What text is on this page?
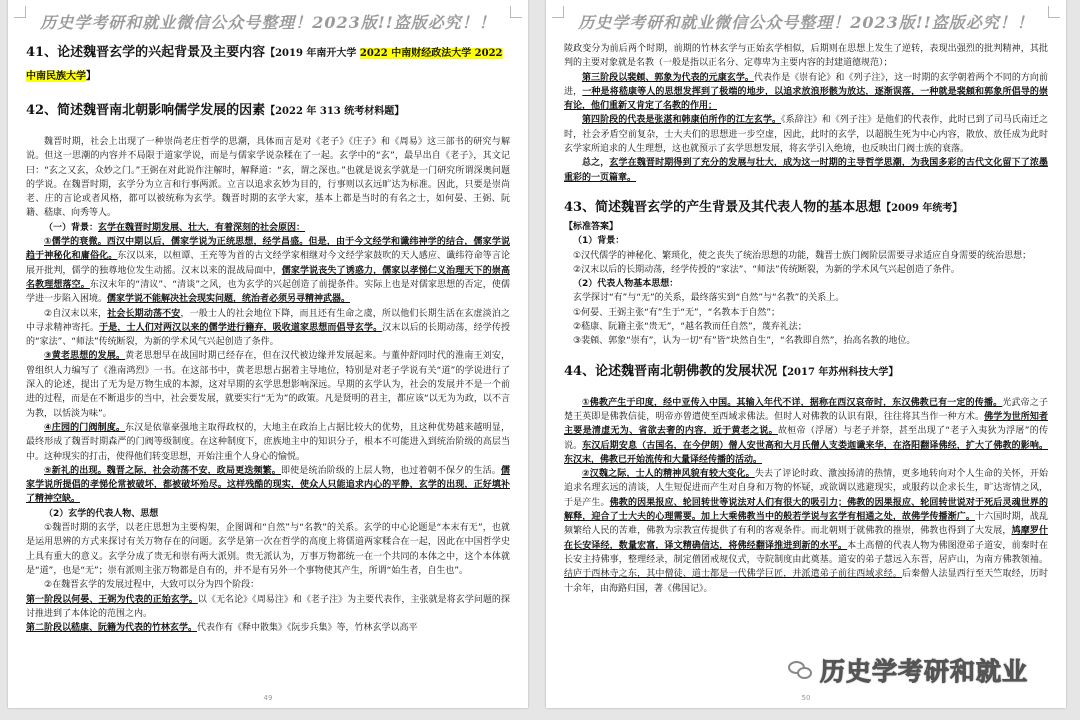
历史学考研和就业微信公众号整理！2023版!!盗版必究！！
41、论述魏晋玄学的兴起背景及主要内容【2019 年南开大学 2022 中南财经政法大学 2022
中南民族大学】
42、简述魏晋南北朝影响儒学发展的因素【2022 年 313 统考材料题】

魏晋时期，社会上出现了一种崇尚老庄哲学的思潮，具体而言是对《老子》《庄子》和《周易》这三部书的研究与解说。但这一思潮的内容并不局限于道家学说，而是与儒家学说杂糅在了一起。玄学中的“玄”，最早出自《老子》，其文记曰：“玄之又玄，众妙之门。”王弼在对此说作注解时，解释道：“玄，谓之深也。”也就是说玄学就是一门研究所谓深奥问题的学说。在魏晋时期，玄学分为立言和行事两派。立言以追求玄妙为目的，行事则以玄远旷达为标准。因此，只要是崇尚老、庄的言论或者风格，都可以被统称为玄学。魏晋时期的玄学大家，基本上都是当时的有名之士，如何晏、王弼、阮籍、嵇康、向秀等人。

（一）背景：玄学在魏晋时期发展、壮大，有着深刻的社会原因：

①儒学的衰微。西汉中期以后，儒家学说为正统思想，经学昌盛。但是，由于今文经学和谶纬神学的结合，儒家学说趋于神秘化和庸俗化。东汉以来，以桓谭、王充等为首的古文经学家相继对今文经学家鼓吹的天人感应、谶纬符命等言论展开批判，儒学的独尊地位发生动摇。汉末以来的混战局面中，儒家学说丧失了诱惑力，儒家以孝悌仁义治理天下的崇高名教理想落空。东汉末年的“清议”、“清谈”之风，也为玄学的兴起创造了前提条件。实际上也是对儒家思想的否定，使儒学进一步陷入困境。儒家学说不能解决社会现实问题，统治者必须另寻精神武器。

②自汉末以来，社会长期动荡不安，一般士人的社会地位下降，而且还有生命之虞，所以他们长期生活在玄虚淡泊之中寻求精神寄托。于是，士人们对两汉以来的儒学进行籍弃，吸收道家思想而倡导玄学。汉末以后的长期动荡，经学传授的“家法”、“师法”传统断裂，为新的学术风气兴起创造了条件。

③黄老思想的发展。黄老思想早在战国时期已经存在，但在汉代被边缘并发展起来。与董仲舒同时代的淮南王刘安，曾组织人力编写了《淮南鸿烈》一书。在这部书中，黄老思想占据着主导地位，特别是对老子学说有关“道”的学说进行了深入的论述，提出了无为是万物生成的本源，这对早期的玄学思想影响深远。早期的玄学认为，社会的发展并不是一个前进的过程，而是在不断退步的当中，社会要发展，就要实行“无为”的政策。凡是贤明的君主，都应该“以无为为政，以不言为教，以恬淡为味”。

④庄园的门阀制度。东汉是依靠豪强地主取得政权的，大地主在政治上占据比较大的优势，且这种优势越来越明显，最终形成了魏晋时期森严的门阀等级制度。在这种制度下，庶族地主中的知识分子，根本不可能进入到统治阶级的高层当中。这种现实的打击，使得他们转变思想，开始注重个人身心的愉悦。

⑤新礼的出现。魏晋之际，社会动荡不安，政局更迭频繁。即使是统治阶级的上层人物，也过着朝不保夕的生活。儒家学说所提倡的孝悌伦常被破坏，都被破坏殆尽。这样残酷的现实，使众人只能追求内心的平静，玄学的出现，正好填补了精神空缺。

（2）玄学的代表人物、思想

①魏晋时期的玄学，以老庄思想为主要构架，企图调和“自然”与“名教”的关系。玄学的中心论题是“本末有无”，也就是运用思辨的方式来探讨有关万物存在的问题。玄学是第一次在哲学的高度上将儒道两家糅合在一起，因此在中国哲学史上具有重大的意义。玄学分成了贵无和崇有两大派别。贵无派认为，万事万物都统一在一个共同的本体之中，这个本体就是“道”，也是“无”；崇有派则主张万物都是自有的，并不是有另外一个事物使其产生，所谓“始生者，自生也”。

②在魏晋玄学的发展过程中，大致可以分为四个阶段：

第一阶段以何晏、王弼为代表的正始玄学。以《无名论》《周易注》和《老子注》为主要代表作，主张就是将玄学问题的探讨推进到了本体论的范围之内。

第二阶段以嵇康、阮籍为代表的竹林玄学。代表作有《释中散集》《阮步兵集》等，竹林玄学以高平

49
历史学考研和就业微信公众号整理！2023版!!盗版必究！！

陵政变分为前后两个时期，前期的竹林玄学与正始玄学相似，后期则在思想上发生了逆转，表现出强烈的批判精神，其批判的主要对象就是名教（一般是指以正名分、定尊卑为主要内容的封建道德规范）；

第三阶段以裴頠、郭象为代表的元康玄学。代表作是《崇有论》和《列子注》，这一时期的玄学朝着两个不同的方向前进，一种是将嵇康等人的思想发挥到了极端的地步，以追求放浪形骸为放达，逐渐误落，一种就是裴頠和郭象所倡导的崇有论，他们重新又肯定了名教的作用；

第四阶段的代表是张湛和韩康伯所作的江左玄学。《系辞注》和《列子注》是他们的代表作，此时已到了司马氏南迁之时，社会矛盾空前复杂，士大夫们的思想进一步空虚，因此，此时的玄学，以超脱生死为中心内容，散放、放任成为此时玄学家所追求的人生理想，这也就预示了玄学思想发展，将玄学引入绝境，也反映出门阀士族的衰落。

总之，玄学在魏晋时期得到了充分的发展与壮大，成为这一时期的主导哲学思潮，为我国多彩的古代文化留下了浓墨重彩的一页篇章。

43、简述魏晋玄学的产生背景及其代表人物的基本思想【2009 年统考】

【标准答案】

（1）背景：

①汉代儒学的神秘化、繁琐化，使之丧失了统治思想的功能，魏晋士族门阀阶层需要寻求适应自身需要的统治思想；

②汉末以后的长期动荡，经学传授的“家法”、“师法”传统断裂，为新的学术风气兴起创造了条件。

（2）代表人物基本思想：

玄学探讨“有”与“无”的关系，最终落实到“自然”与“名教”的关系上。

①何晏、王弼主张“有”生于“无”，“名教本于自然”；

②嵇康、阮籍主张“贵无”，“越名教而任自然”，蔑弃礼法；

③裴頠、郭象“崇有”，认为一切“有”皆“块然自生”，“名教即自然”，抬高名教的地位。

44、论述魏晋南北朝佛教的发展状况【2017 年苏州科技大学】

①佛教产生于印度，经中亚传入中国。其输入年代不详，据称在西汉哀帝时，东汉佛教已有一定的传播。光武帝之子楚王英即是佛教信徒，明帝亦曾遣使至西域求佛法。但时人对佛教的认识有限，往往将其当作一种方术。佛学为世所知者主要是清虚无为、省欲去奢的内容，近于黄老之说。故桓帝（浮屠）与老子并祭，甚至出现了“老子入夷狄为浮屠”的传说。东汉后期安息（古国名，在今伊朗）僧人安世高和大月氏僧人支娄迦谶来华，在洛阳翻译佛经，扩大了佛教的影响。东汉末，佛教已开始流传和大量译经传播的活动。

②汉魏之际，士人的精神风貌有较大变化。失去了评论时政、激浊扬清的热情，更多地转向对个人生命的关怀，开始追求名理玄远的清谈，人生短促进而产生对自身和万物的怀疑，或欲调以逃避现实，或服药以企求长生，旷达寄情之风，于是产生。佛教的因果报应、轮回转世等说法对人们有很大的吸引力；佛教的因果报应、轮回转世说对于死后灵魂世界的解释，迎合了士大夫的心理需要。加上大乘佛教当中的般若学说与玄学有相通之处，故佛学传播渐广。十六国时期，战乱频繁给人民的苦难，佛教为宗教宣传提供了有利的客观条件。而北朝则于就佛教的推崇，佛教也得到了大发展，鸠摩罗什在长安译经，数量宏富，译文精确信达，将佛经翻译推进到新的水平。本土高僧的代表人物为佛图澄弟子道安，前秦时在长安主持佛事，整理经录，制定僧团戒规仪式，寺院制度由此奠基。道安的弟子慧远入东晋，居庐山，为南方佛教领袖。结庐于西林寺之东，其中僧徒、道士都是一代佛学巨匠，并派遣弟子前往西域求经。后秦僧人法显西行至天竺取经，历时十余年，由海路归国，著《佛国记》。

50
历史学考研和就业
